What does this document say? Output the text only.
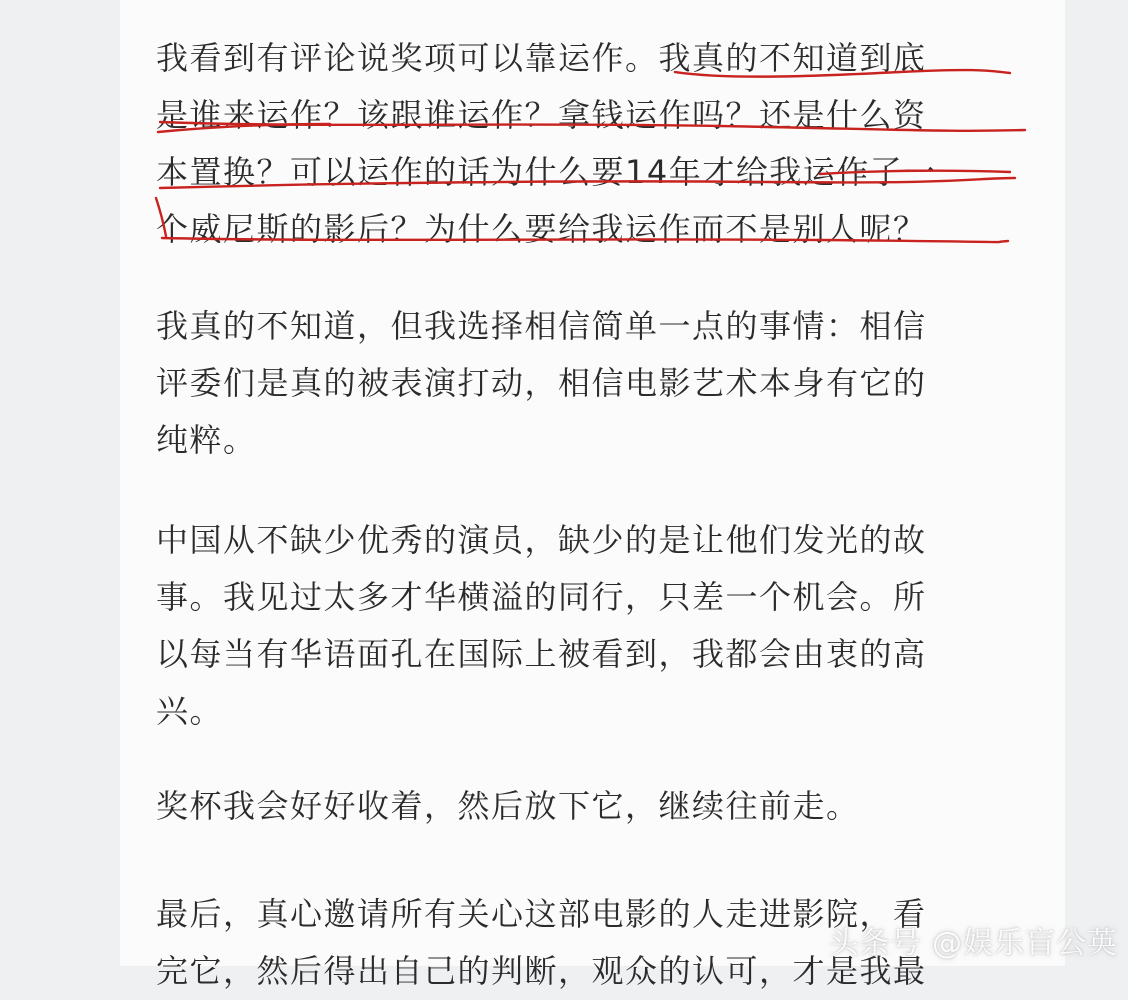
我看到有评论说奖项可以靠运作。我真的不知道到底
是谁来运作？该跟谁运作？拿钱运作吗？还是什么资
本置换？可以运作的话为什么要14年才给我运作了一
个威尼斯的影后？为什么要给我运作而不是别人呢？
我真的不知道，但我选择相信简单一点的事情：相信
评委们是真的被表演打动，相信电影艺术本身有它的
纯粹。
中国从不缺少优秀的演员，缺少的是让他们发光的故
事。我见过太多才华横溢的同行，只差一个机会。所
以每当有华语面孔在国际上被看到，我都会由衷的高
兴。
奖杯我会好好收着，然后放下它，继续往前走。
最后，真心邀请所有关心这部电影的人走进影院，看
完它，然后得出自己的判断，观众的认可，才是我最
头条号 @娱乐盲公英
